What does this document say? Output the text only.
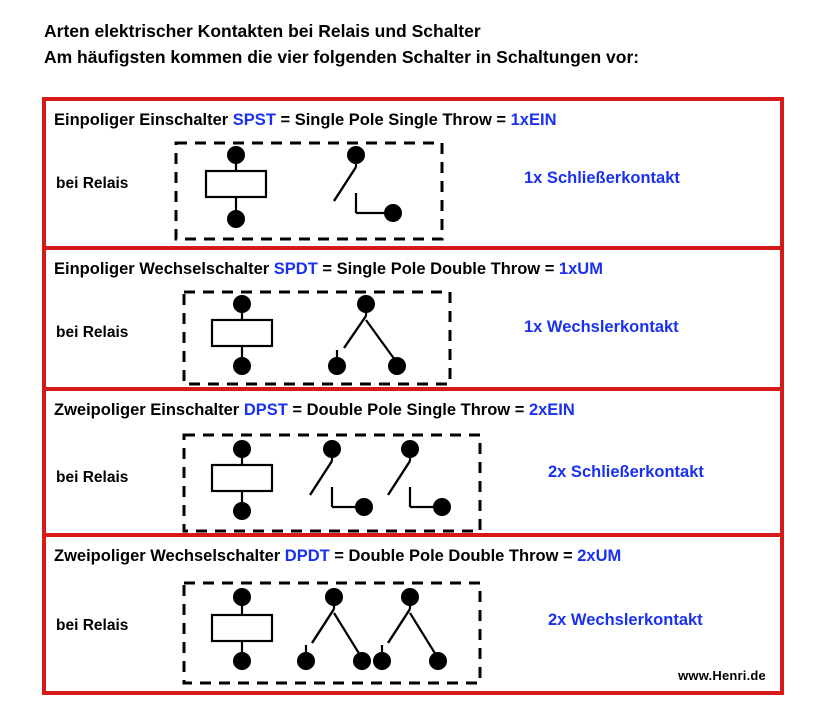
Arten elektrischer Kontakten bei Relais und Schalter
Am häufigsten kommen die vier folgenden Schalter in Schaltungen vor:
Einpoliger Einschalter SPST = Single Pole Single Throw = 1xEIN
bei Relais	1x Schließerkontakt
Einpoliger Wechselschalter SPDT = Single Pole Double Throw = 1xUM
bei Relais	1x Wechslerkontakt
Zweipoliger Einschalter DPST = Double Pole Single Throw = 2xEIN
bei Relais	2x Schließerkontakt
Zweipoliger Wechselschalter DPDT = Double Pole Double Throw = 2xUM
bei Relais	2x Wechslerkontakt
www.Henri.de
